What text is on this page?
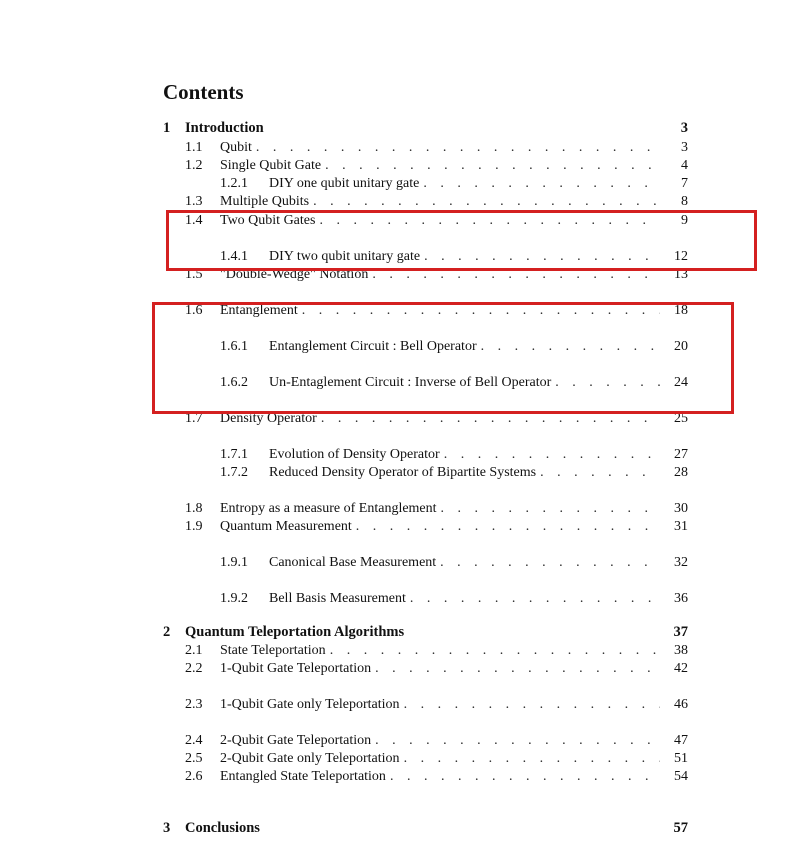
Contents
1	Introduction	3
1.1	Qubit . . .	3
1.2	Single Qubit Gate . . .	4
1.2.1	DIY one qubit unitary gate . . .	7
1.3	Multiple Qubits . . .	8
1.4	Two Qubit Gates . . .	9
1.4.1	DIY two qubit unitary gate . . .	12
1.5	"Double-Wedge" Notation . . .	13
1.6	Entanglement . . .	18
1.6.1	Entanglement Circuit : Bell Operator . . .	20
1.6.2	Un-Entaglement Circuit : Inverse of Bell Operator . . .	24
1.7	Density Operator . . .	25
1.7.1	Evolution of Density Operator . . .	27
1.7.2	Reduced Density Operator of Bipartite Systems . . .	28
1.8	Entropy as a measure of Entanglement . . .	30
1.9	Quantum Measurement . . .	31
1.9.1	Canonical Base Measurement . . .	32
1.9.2	Bell Basis Measurement . . .	36
2	Quantum Teleportation Algorithms	37
2.1	State Teleportation . . .	38
2.2	1-Qubit Gate Teleportation . . .	42
2.3	1-Qubit Gate only Teleportation . . .	46
2.4	2-Qubit Gate Teleportation . . .	47
2.5	2-Qubit Gate only Teleportation . . .	51
2.6	Entangled State Teleportation . . .	54
3	Conclusions	57
